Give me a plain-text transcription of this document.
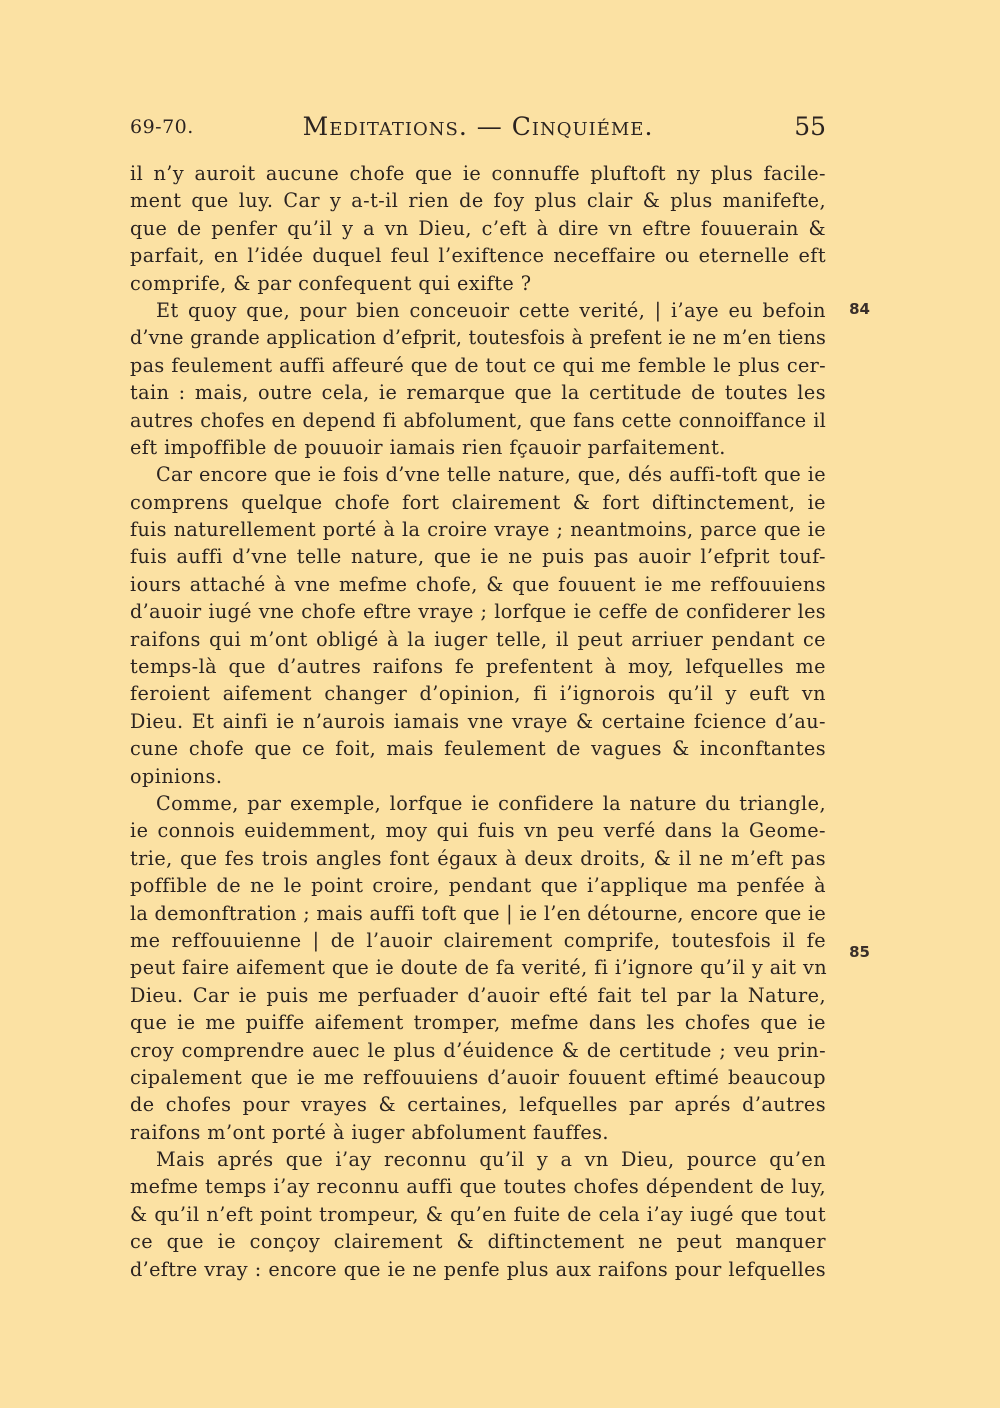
69-70.	Meditations. — Cinquiéme.	55
84
85
il n’y auroit aucune chofe que ie connuffe pluftoft ny plus facile-
ment que luy. Car y a-t-il rien de foy plus clair & plus manifefte,
que de penfer qu’il y a vn Dieu, c’eft à dire vn eftre fouuerain &
parfait, en l’idée duquel feul l’exiftence neceffaire ou eternelle eft
comprife, & par confequent qui exifte ?
Et quoy que, pour bien conceuoir cette verité, | i’aye eu befoin
d’vne grande application d’efprit, toutesfois à prefent ie ne m’en tiens
pas feulement auffi affeuré que de tout ce qui me femble le plus cer-
tain : mais, outre cela, ie remarque que la certitude de toutes les
autres chofes en depend fi abfolument, que fans cette connoiffance il
eft impoffible de pouuoir iamais rien fçauoir parfaitement.
Car encore que ie fois d’vne telle nature, que, dés auffi-toft que ie
comprens quelque chofe fort clairement & fort diftinctement, ie
fuis naturellement porté à la croire vraye ; neantmoins, parce que ie
fuis auffi d’vne telle nature, que ie ne puis pas auoir l’efprit touf-
iours attaché à vne mefme chofe, & que fouuent ie me reffouuiens
d’auoir iugé vne chofe eftre vraye ; lorfque ie ceffe de confiderer les
raifons qui m’ont obligé à la iuger telle, il peut arriuer pendant ce
temps-là que d’autres raifons fe prefentent à moy, lefquelles me
feroient aifement changer d’opinion, fi i’ignorois qu’il y euft vn
Dieu. Et ainfi ie n’aurois iamais vne vraye & certaine fcience d’au-
cune chofe que ce foit, mais feulement de vagues & inconftantes
opinions.
Comme, par exemple, lorfque ie confidere la nature du triangle,
ie connois euidemment, moy qui fuis vn peu verfé dans la Geome-
trie, que fes trois angles font égaux à deux droits, & il ne m’eft pas
poffible de ne le point croire, pendant que i’applique ma penfée à
la demonftration ; mais auffi toft que | ie l’en détourne, encore que ie
me reffouuienne | de l’auoir clairement comprife, toutesfois il fe
peut faire aifement que ie doute de fa verité, fi i’ignore qu’il y ait vn
Dieu. Car ie puis me perfuader d’auoir efté fait tel par la Nature,
que ie me puiffe aifement tromper, mefme dans les chofes que ie
croy comprendre auec le plus d’éuidence & de certitude ; veu prin-
cipalement que ie me reffouuiens d’auoir fouuent eftimé beaucoup
de chofes pour vrayes & certaines, lefquelles par aprés d’autres
raifons m’ont porté à iuger abfolument fauffes.
Mais aprés que i’ay reconnu qu’il y a vn Dieu, pource qu’en
mefme temps i’ay reconnu auffi que toutes chofes dépendent de luy,
& qu’il n’eft point trompeur, & qu’en fuite de cela i’ay iugé que tout
ce que ie conçoy clairement & diftinctement ne peut manquer
d’eftre vray : encore que ie ne penfe plus aux raifons pour lefquelles
